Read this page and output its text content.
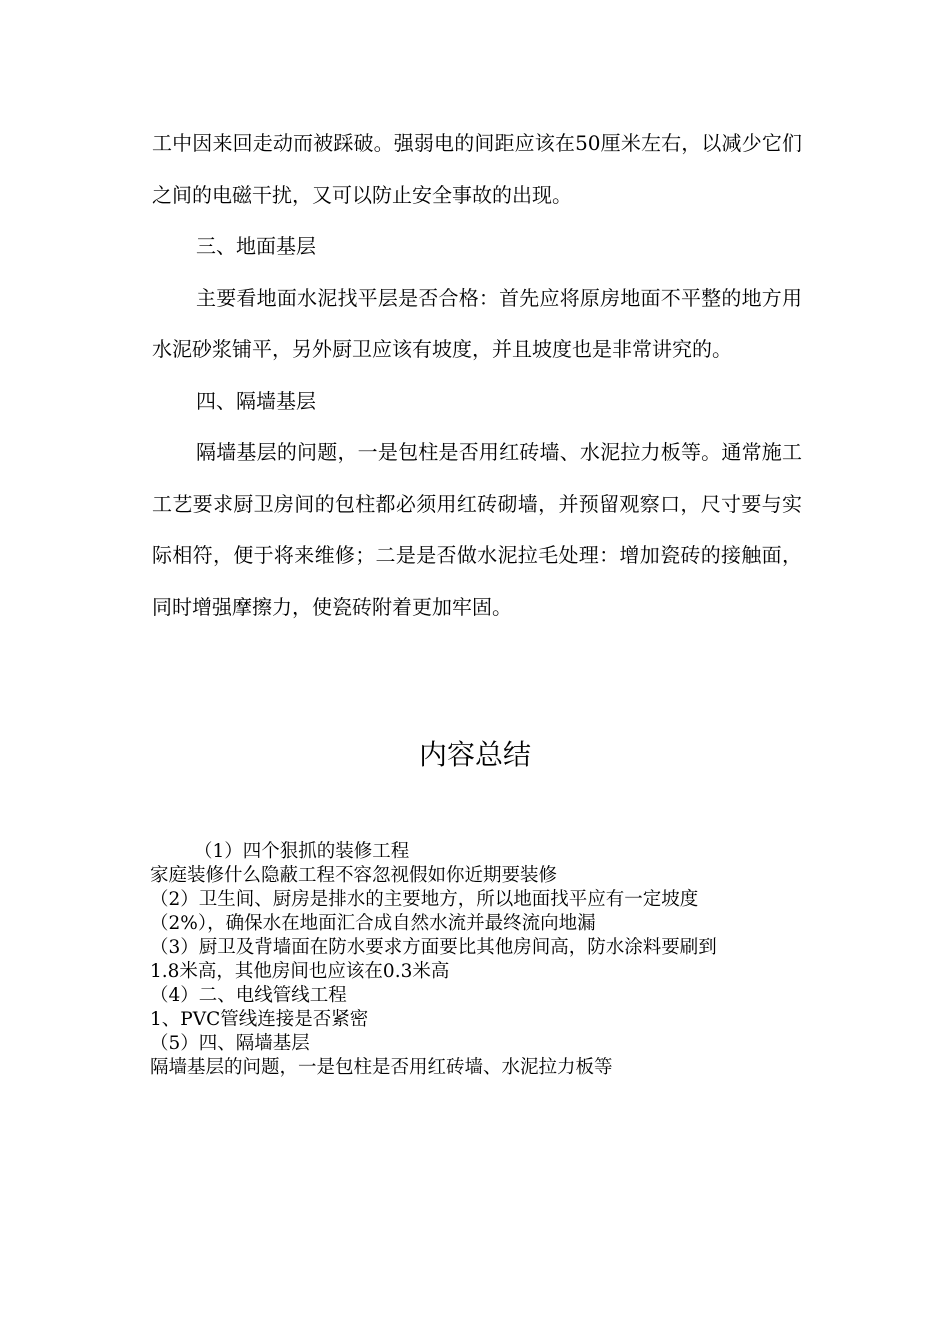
工中因来回走动而被踩破。强弱电的间距应该在50厘米左右，以减少它们之间的电磁干扰，又可以防止安全事故的出现。

三、地面基层

主要看地面水泥找平层是否合格：首先应将原房地面不平整的地方用水泥砂浆铺平，另外厨卫应该有坡度，并且坡度也是非常讲究的。

四、隔墙基层

隔墙基层的问题，一是包柱是否用红砖墙、水泥拉力板等。通常施工工艺要求厨卫房间的包柱都必须用红砖砌墙，并预留观察口，尺寸要与实际相符，便于将来维修；二是是否做水泥拉毛处理：增加瓷砖的接触面，同时增强摩擦力，使瓷砖附着更加牢固。

内容总结

（1）四个狠抓的装修工程

家庭装修什么隐蔽工程不容忽视假如你近期要装修

（2）卫生间、厨房是排水的主要地方，所以地面找平应有一定坡度

（2%），确保水在地面汇合成自然水流并最终流向地漏

（3）厨卫及背墙面在防水要求方面要比其他房间高，防水涂料要刷到

1.8米高，其他房间也应该在0.3米高

（4）二、电线管线工程

1、PVC管线连接是否紧密

（5）四、隔墙基层

隔墙基层的问题，一是包柱是否用红砖墙、水泥拉力板等
